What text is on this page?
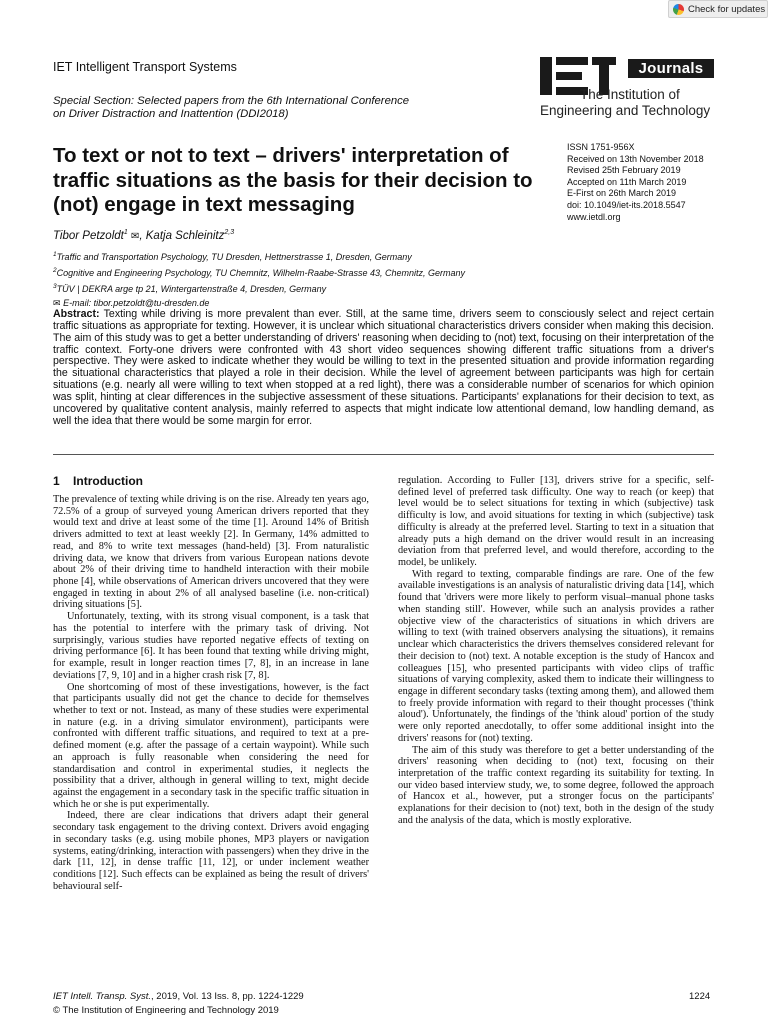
Check for updates
IET Intelligent Transport Systems
Special Section: Selected papers from the 6th International Conference on Driver Distraction and Inattention (DDI2018)
Journals
The Institution of
Engineering and Technology
To text or not to text – drivers' interpretation of traffic situations as the basis for their decision to (not) engage in text messaging
ISSN 1751-956X
Received on 13th November 2018
Revised 25th February 2019
Accepted on 11th March 2019
E-First on 26th March 2019
doi: 10.1049/iet-its.2018.5547
www.ietdl.org
Tibor Petzoldt$^1$ ✉, Katja Schleinitz$^{2,3}$
$^1$Traffic and Transportation Psychology, TU Dresden, Hettnerstrasse 1, Dresden, Germany
$^2$Cognitive and Engineering Psychology, TU Chemnitz, Wilhelm-Raabe-Strasse 43, Chemnitz, Germany
$^3$TÜV | DEKRA arge tp 21, Wintergartenstraße 4, Dresden, Germany
✉ E-mail: tibor.petzoldt@tu-dresden.de
Abstract: Texting while driving is more prevalent than ever. Still, at the same time, drivers seem to consciously select and reject certain traffic situations as appropriate for texting. However, it is unclear which situational characteristics drivers consider when making this decision. The aim of this study was to get a better understanding of drivers' reasoning when deciding to (not) text, focusing on their interpretation of the traffic context. Forty-one drivers were confronted with 43 short video sequences showing different traffic situations from a driver's perspective. They were asked to indicate whether they would be willing to text in the presented situation and provide information regarding the situational characteristics that played a role in their decision. While the level of agreement between participants was high for certain situations (e.g. nearly all were willing to text when stopped at a red light), there was a considerable number of scenarios for which opinion was split, hinting at clear differences in the subjective assessment of these situations. Participants' explanations for their decision to text, as uncovered by qualitative content analysis, mainly referred to aspects that might indicate low attentional demand, low handling demand, as well the idea that there would be some margin for error.
1 Introduction

The prevalence of texting while driving is on the rise. Already ten years ago, 72.5% of a group of surveyed young American drivers reported that they would text and drive at least some of the time [1]. Around 14% of British drivers admitted to text at least weekly [2]. In Germany, 14% admitted to read, and 8% to write text messages (hand-held) [3]. From naturalistic driving data, we know that drivers from various European nations devote about 2% of their driving time to handheld interaction with their mobile phone [4], while observations of American drivers uncovered that they were engaged in texting in about 2% of all analysed baseline (i.e. non-critical) driving situations [5].

Unfortunately, texting, with its strong visual component, is a task that has the potential to interfere with the primary task of driving. Not surprisingly, various studies have reported negative effects of texting on driving performance [6]. It has been found that texting while driving might, for example, result in longer reaction times [7, 8], in an increase in lane deviations [7, 9, 10] and in a higher crash risk [7, 8].

One shortcoming of most of these investigations, however, is the fact that participants usually did not get the chance to decide for themselves whether to text or not. Instead, as many of these studies were experimental in nature (e.g. in a driving simulator environment), participants were confronted with different traffic situations, and required to text at a pre-defined moment (e.g. after the passage of a certain waypoint). While such an approach is fully reasonable when considering the need for standardisation and control in experimental studies, it neglects the possibility that a driver, although in general willing to text, might decide against the engagement in a secondary task in the specific traffic situation in which he or she is put experimentally.

Indeed, there are clear indications that drivers adapt their general secondary task engagement to the driving context. Drivers avoid engaging in secondary tasks (e.g. using mobile phones, MP3 players or navigation systems, eating/drinking, interaction with passengers) when they drive in the dark [11, 12], in dense traffic [11, 12], or under inclement weather conditions [12]. Such effects can be explained as being the result of drivers' behavioural self-

regulation. According to Fuller [13], drivers strive for a specific, self-defined level of preferred task difficulty. One way to reach (or keep) that level would be to select situations for texting in which (subjective) task difficulty is low, and avoid situations for texting in which (subjective) task difficulty is already at the preferred level. Starting to text in a situation that already puts a high demand on the driver would result in an increasing deviation from that preferred level, and would therefore, according to the model, be unlikely.

With regard to texting, comparable findings are rare. One of the few available investigations is an analysis of naturalistic driving data [14], which found that 'drivers were more likely to perform visual–manual phone tasks when standing still'. However, while such an analysis provides a rather objective view of the characteristics of situations in which drivers are willing to text (with trained observers analysing the situations), it remains unclear which characteristics the drivers themselves considered relevant for their decision to (not) text. A notable exception is the study of Hancox and colleagues [15], who presented participants with video clips of traffic situations of varying complexity, asked them to indicate their willingness to engage in different secondary tasks (texting among them), and allowed them to freely provide information with regard to their thought processes ('think aloud'). Unfortunately, the findings of the 'think aloud' portion of the study were only reported anecdotally, to offer some additional insight into the drivers' reasons for (not) texting.

The aim of this study was therefore to get a better understanding of the drivers' reasoning when deciding to (not) text, focusing on their interpretation of the traffic context regarding its suitability for texting. In our video based interview study, we, to some degree, followed the approach of Hancox et al., however, put a stronger focus on the participants' explanations for their decision to (not) text, both in the design of the study and the analysis of the data, which is mostly explorative.

IET Intell. Transp. Syst., 2019, Vol. 13 Iss. 8, pp. 1224-1229
© The Institution of Engineering and Technology 2019
1224
